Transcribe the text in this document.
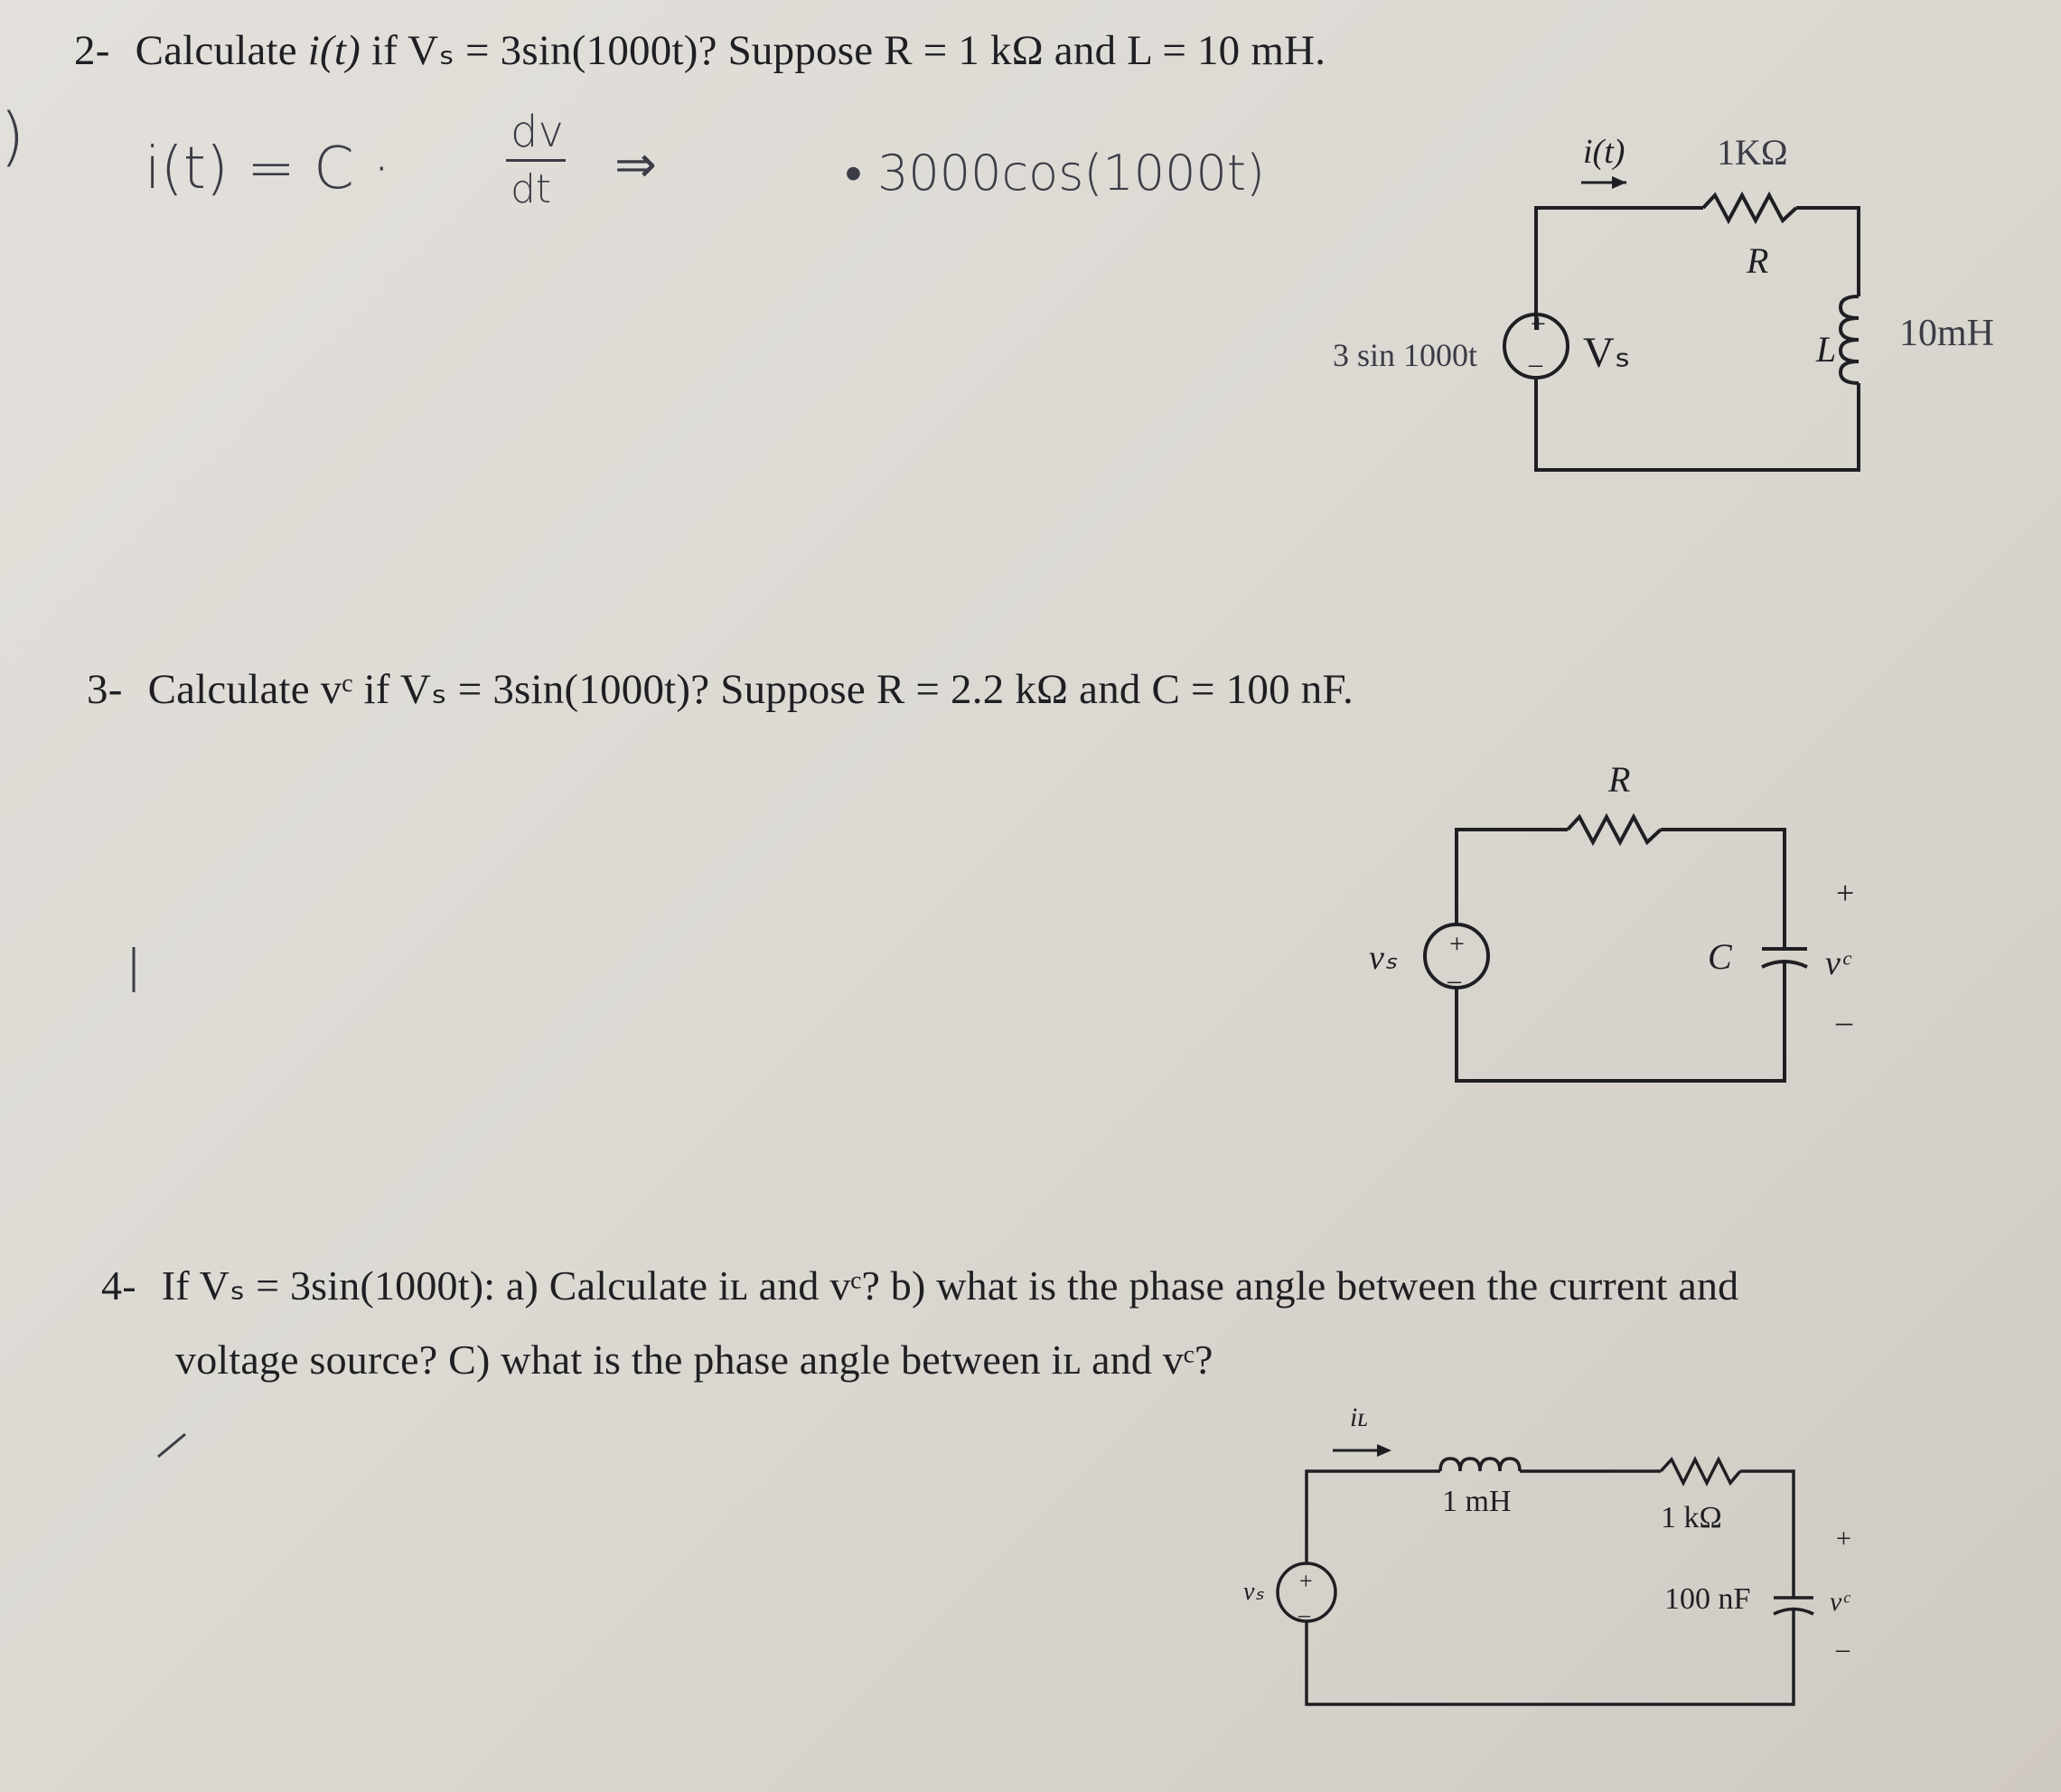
2- Calculate i(t) if Vₛ = 3sin(1000t)? Suppose R = 1 kΩ and L = 10 mH.
i(t) = C ·
dv
dt ⇒	• 3000cos(1000t)
)
+
–
i(t)
R
L
Vₛ
1KΩ
10mH
3 sin 1000t
3- Calculate vᶜ if Vₛ = 3sin(1000t)? Suppose R = 2.2 kΩ and C = 100 nF.
+
–
R
C
vₛ	vᶜ
+
–
4- If Vₛ = 3sin(1000t): a) Calculate iʟ and vᶜ? b) what is the phase angle between the current and
voltage source? C) what is the phase angle between iʟ and vᶜ?
+
–
iʟ
1 mH	1 kΩ
100 nF
vₛ	vᶜ
+
–
